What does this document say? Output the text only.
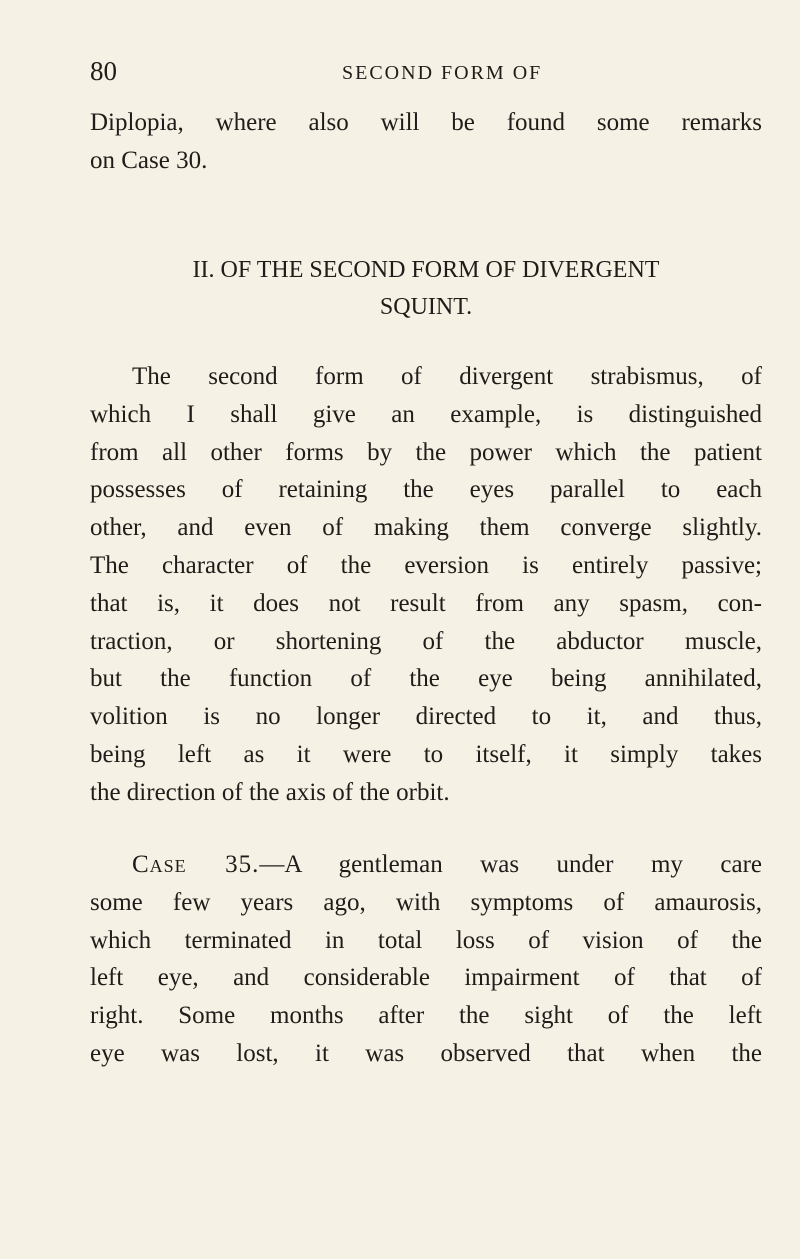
80	SECOND FORM OF
Diplopia, where also will be found some remarks
on Case 30.
II. OF THE SECOND FORM OF DIVERGENT
SQUINT.
The second form of divergent strabismus, of
which I shall give an example, is distinguished
from all other forms by the power which the patient
possesses of retaining the eyes parallel to each
other, and even of making them converge slightly.
The character of the eversion is entirely passive;
that is, it does not result from any spasm, con-
traction, or shortening of the abductor muscle,
but the function of the eye being annihilated,
volition is no longer directed to it, and thus,
being left as it were to itself, it simply takes
the direction of the axis of the orbit.
Case 35.—A gentleman was under my care
some few years ago, with symptoms of amaurosis,
which terminated in total loss of vision of the
left eye, and considerable impairment of that of
right. Some months after the sight of the left
eye was lost, it was observed that when the
